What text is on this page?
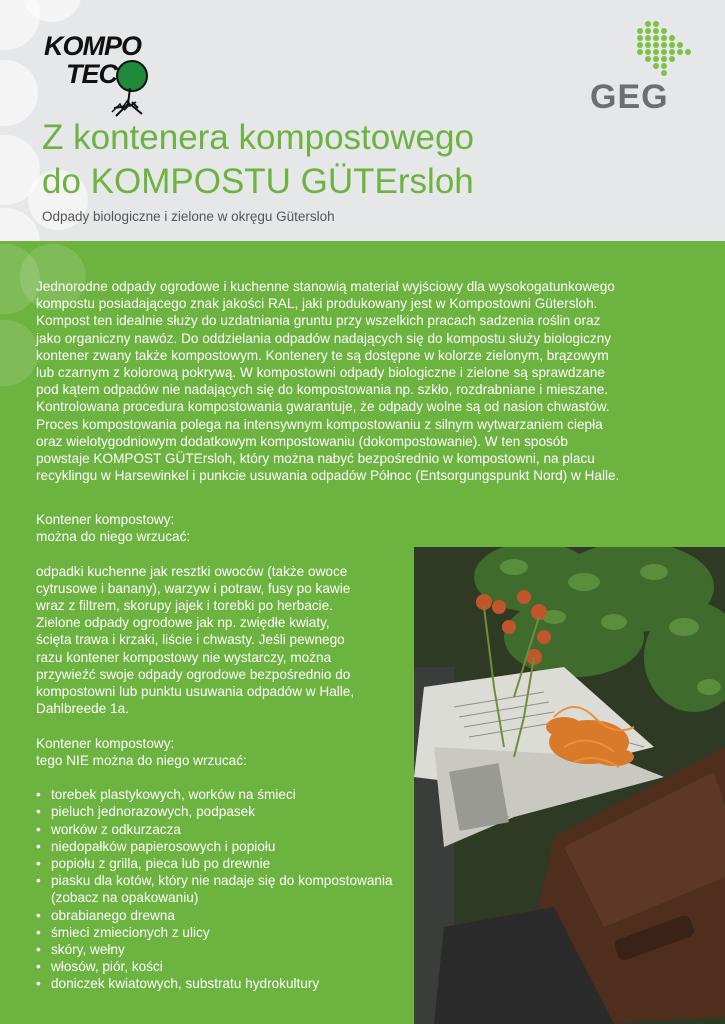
KOMPO
TEC
GEG
Z kontenera kompostowego
do KOMPOSTU GÜTErsloh
Odpady biologiczne i zielone w okręgu Gütersloh
Jednorodne odpady ogrodowe i kuchenne stanowią materiał wyjściowy dla wysokogatunkowego
kompostu posiadającego znak jakości RAL, jaki produkowany jest w Kompostowni Gütersloh.
Kompost ten idealnie służy do uzdatniania gruntu przy wszelkich pracach sadzenia roślin oraz
jako organiczny nawóz. Do oddzielania odpadów nadających się do kompostu służy biologiczny
kontener zwany także kompostowym. Kontenery te są dostępne w kolorze zielonym, brązowym
lub czarnym z kolorową pokrywą. W kompostowni odpady biologiczne i zielone są sprawdzane
pod kątem odpadów nie nadających się do kompostowania np. szkło, rozdrabniane i mieszane.
Kontrolowana procedura kompostowania gwarantuje, że odpady wolne są od nasion chwastów.
Proces kompostowania polega na intensywnym kompostowaniu z silnym wytwarzaniem ciepła
oraz wielotygodniowym dodatkowym kompostowaniu (dokompostowanie). W ten sposób
powstaje KOMPOST GÜTErsloh, który można nabyć bezpośrednio w kompostowni, na placu
recyklingu w Harsewinkel i punkcie usuwania odpadów Północ (Entsorgungspunkt Nord) w Halle.

Kontener kompostowy:
można do niego wrzucać:

odpadki kuchenne jak resztki owoców (także owoce
cytrusowe i banany), warzyw i potraw, fusy po kawie
wraz z filtrem, skorupy jajek i torebki po herbacie.
Zielone odpady ogrodowe jak np. zwiędłe kwiaty,
ścięta trawa i krzaki, liście i chwasty. Jeśli pewnego
razu kontener kompostowy nie wystarczy, można
przywieźć swoje odpady ogrodowe bezpośrednio do
kompostowni lub punktu usuwania odpadów w Halle,
Dahlbreede 1a.

Kontener kompostowy:
tego NIE można do niego wrzucać:

• torebek plastykowych, worków na śmieci
• pieluch jednorazowych, podpasek
• worków z odkurzacza
• niedopałków papierosowych i popiołu
• popiołu z grilla, pieca lub po drewnie
• piasku dla kotów, który nie nadaje się do kompostowania (zobacz na opakowaniu)
• obrabianego drewna
• śmieci zmiecionych z ulicy
• skóry, wełny
• włosów, piór, kości
• doniczek kwiatowych, substratu hydrokultury
